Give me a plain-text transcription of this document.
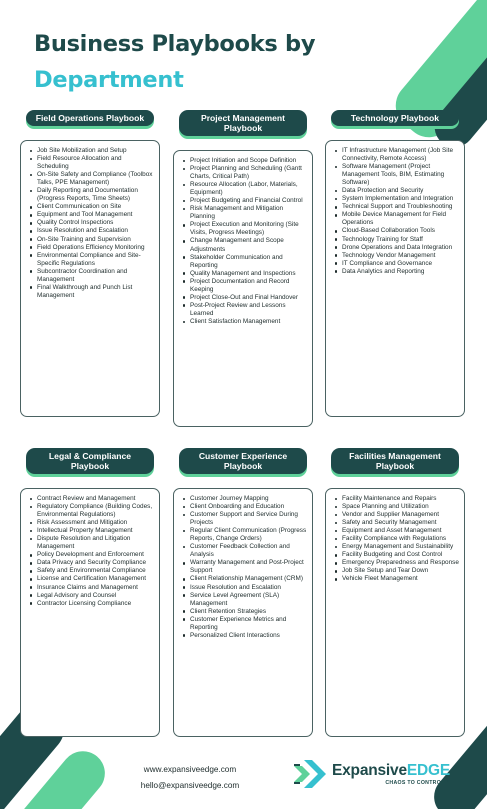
Business Playbooks by
Department
Field Operations Playbook
Job Site Mobilization and Setup
Field Resource Allocation and Scheduling
On-Site Safety and Compliance (Toolbox Talks, PPE Management)
Daily Reporting and Documentation (Progress Reports, Time Sheets)
Client Communication on Site
Equipment and Tool Management
Quality Control Inspections
Issue Resolution and Escalation
On-Site Training and Supervision
Field Operations Efficiency Monitoring
Environmental Compliance and Site-Specific Regulations
Subcontractor Coordination and Management
Final Walkthrough and Punch List Management
Project Management Playbook
Project Initiation and Scope Definition
Project Planning and Scheduling (Gantt Charts, Critical Path)
Resource Allocation (Labor, Materials, Equipment)
Project Budgeting and Financial Control
Risk Management and Mitigation Planning
Project Execution and Monitoring (Site Visits, Progress Meetings)
Change Management and Scope Adjustments
Stakeholder Communication and Reporting
Quality Management and Inspections
Project Documentation and Record Keeping
Project Close-Out and Final Handover
Post-Project Review and Lessons Learned
Client Satisfaction Management
Technology Playbook
IT Infrastructure Management (Job Site Connectivity, Remote Access)
Software Management (Project Management Tools, BIM, Estimating Software)
Data Protection and Security
System Implementation and Integration
Technical Support and Troubleshooting
Mobile Device Management for Field Operations
Cloud-Based Collaboration Tools
Technology Training for Staff
Drone Operations and Data Integration
Technology Vendor Management
IT Compliance and Governance
Data Analytics and Reporting
Legal & Compliance Playbook
Contract Review and Management
Regulatory Compliance (Building Codes, Environmental Regulations)
Risk Assessment and Mitigation
Intellectual Property Management
Dispute Resolution and Litigation Management
Policy Development and Enforcement
Data Privacy and Security Compliance
Safety and Environmental Compliance
License and Certification Management
Insurance Claims and Management
Legal Advisory and Counsel
Contractor Licensing Compliance
Customer Experience Playbook
Customer Journey Mapping
Client Onboarding and Education
Customer Support and Service During Projects
Regular Client Communication (Progress Reports, Change Orders)
Customer Feedback Collection and Analysis
Warranty Management and Post-Project Support
Client Relationship Management (CRM)
Issue Resolution and Escalation
Service Level Agreement (SLA) Management
Client Retention Strategies
Customer Experience Metrics and Reporting
Personalized Client Interactions
Facilities Management Playbook
Facility Maintenance and Repairs
Space Planning and Utilization
Vendor and Supplier Management
Safety and Security Management
Equipment and Asset Management
Facility Compliance with Regulations
Energy Management and Sustainability
Facility Budgeting and Cost Control
Emergency Preparedness and Response
Job Site Setup and Tear Down
Vehicle Fleet Management
www.expansiveedge.com
hello@expansiveedge.com
ExpansiveEDGE
CHAOS TO CONTROL™
